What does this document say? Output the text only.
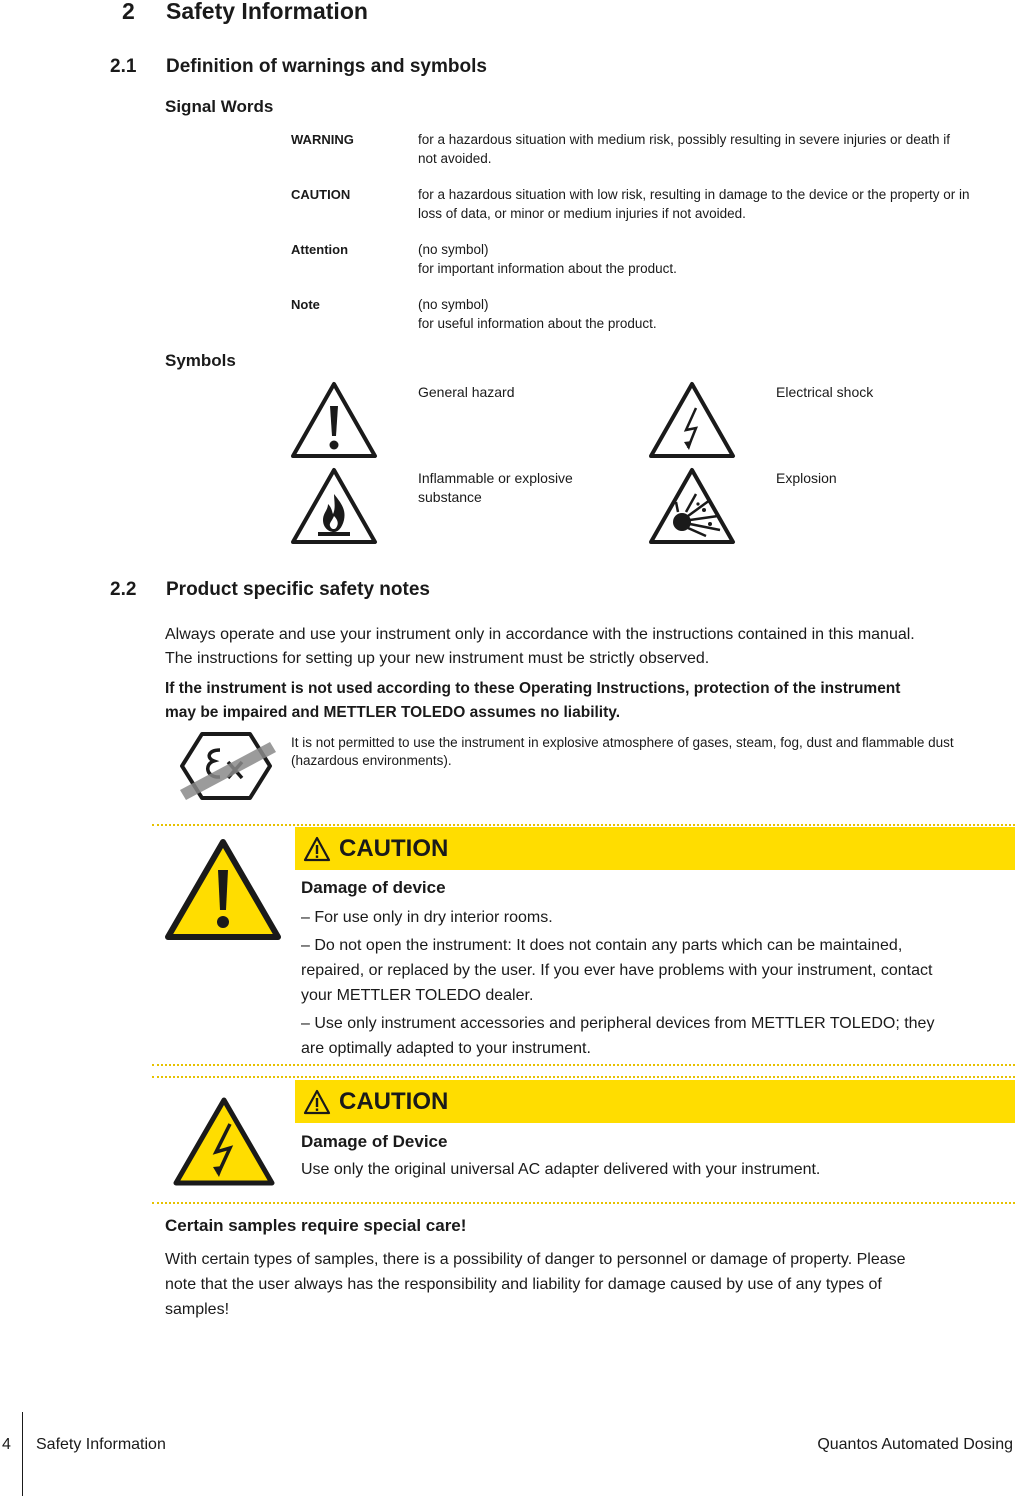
2 Safety Information
2.1 Definition of warnings and symbols
Signal Words
WARNING	for a hazardous situation with medium risk, possibly resulting in severe injuries or death if
not avoided.
CAUTION	for a hazardous situation with low risk, resulting in damage to the device or the property or in
loss of data, or minor or medium injuries if not avoided.
Attention	(no symbol)
for important information about the product.
Note	(no symbol)
for useful information about the product.
Symbols
General hazard	Electrical shock
Inflammable or explosive
substance
Explosion
2.2 Product specific safety notes
Always operate and use your instrument only in accordance with the instructions contained in this manual.
The instructions for setting up your new instrument must be strictly observed.
If the instrument is not used according to these Operating Instructions, protection of the instrument
may be impaired and METTLER TOLEDO assumes no liability.
It is not permitted to use the instrument in explosive atmosphere of gases, steam, fog, dust and flammable dust
(hazardous environments).
CAUTION
Damage of device
– For use only in dry interior rooms.
– Do not open the instrument: It does not contain any parts which can be maintained,
repaired, or replaced by the user. If you ever have problems with your instrument, contact
your METTLER TOLEDO dealer.
– Use only instrument accessories and peripheral devices from METTLER TOLEDO; they
are optimally adapted to your instrument.
CAUTION
Damage of Device
Use only the original universal AC adapter delivered with your instrument.
Certain samples require special care!
With certain types of samples, there is a possibility of danger to personnel or damage of property. Please
note that the user always has the responsibility and liability for damage caused by use of any types of
samples!
4 Safety Information	Quantos Automated Dosing
